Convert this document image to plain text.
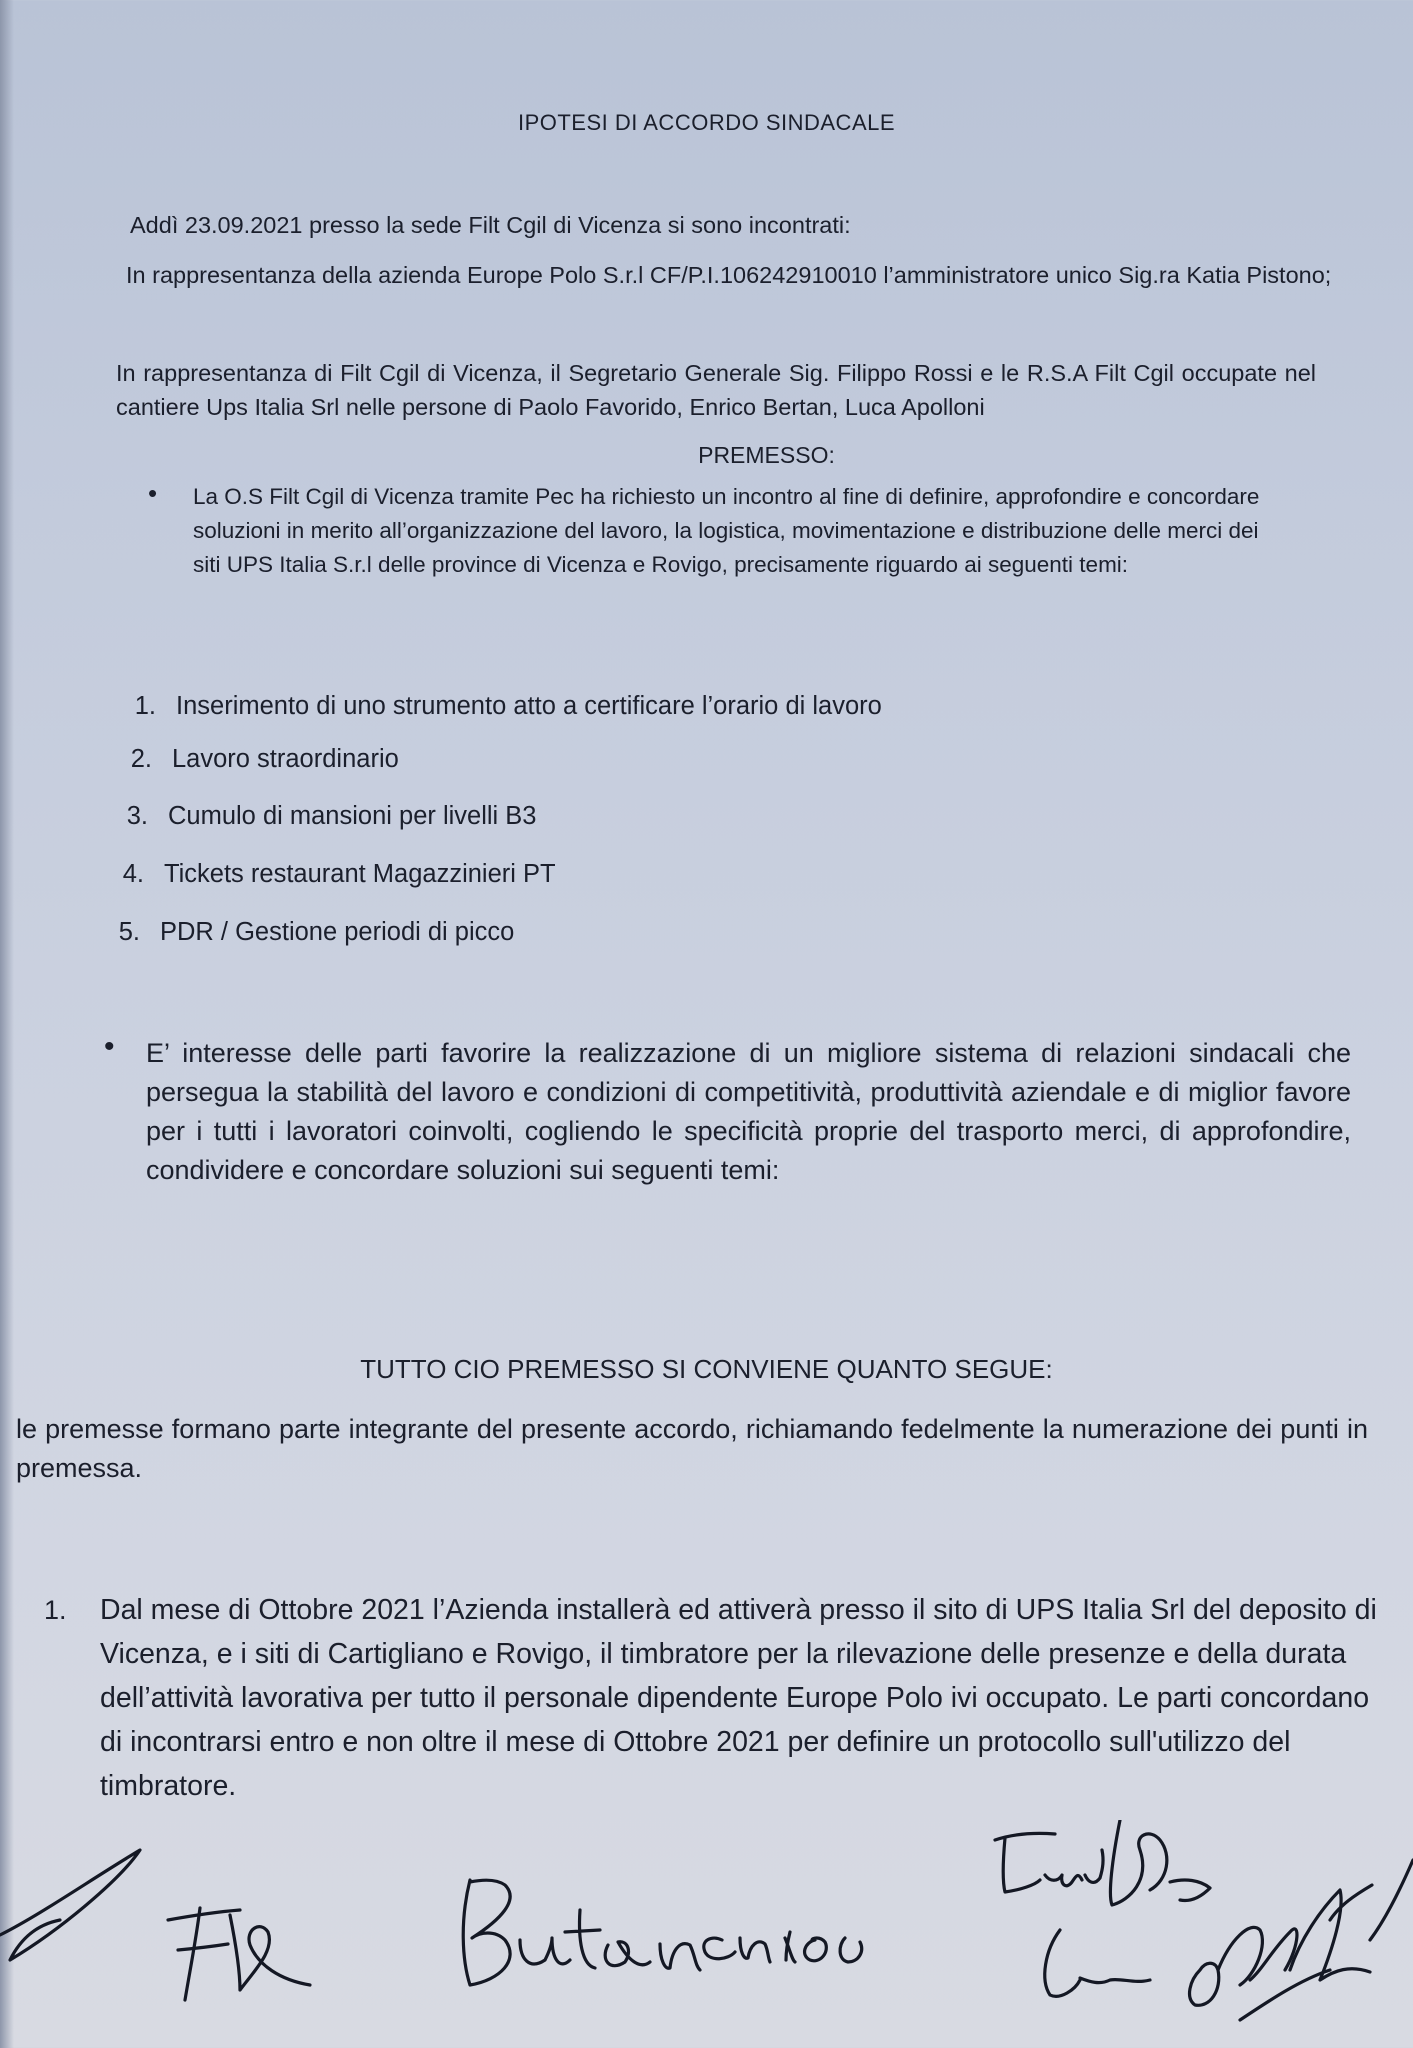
IPOTESI DI ACCORDO SINDACALE

Addì 23.09.2021 presso la sede Filt Cgil di Vicenza si sono incontrati:

In rappresentanza della azienda Europe Polo S.r.l CF/P.I.106242910010 l’amministratore unico Sig.ra Katia Pistono;

In rappresentanza di Filt Cgil di Vicenza, il Segretario Generale Sig. Filippo Rossi e le R.S.A Filt Cgil occupate nel cantiere Ups Italia Srl nelle persone di Paolo Favorido, Enrico Bertan, Luca Apolloni

PREMESSO:
• La O.S Filt Cgil di Vicenza tramite Pec ha richiesto un incontro al fine di definire, approfondire e concordare soluzioni in merito all’organizzazione del lavoro, la logistica, movimentazione e distribuzione delle merci dei siti UPS Italia S.r.l delle province di Vicenza e Rovigo, precisamente riguardo ai seguenti temi:
1. Inserimento di uno strumento atto a certificare l’orario di lavoro
2. Lavoro straordinario
3. Cumulo di mansioni per livelli B3
4. Tickets restaurant Magazzinieri PT
5. PDR / Gestione periodi di picco
• E’ interesse delle parti favorire la realizzazione di un migliore sistema di relazioni sindacali che persegua la stabilità del lavoro e condizioni di competitività, produttività aziendale e di miglior favore per i tutti i lavoratori coinvolti, cogliendo le specificità proprie del trasporto merci, di approfondire, condividere e concordare soluzioni sui seguenti temi:
TUTTO CIO PREMESSO SI CONVIENE QUANTO SEGUE:
le premesse formano parte integrante del presente accordo, richiamando fedelmente la numerazione dei punti in premessa.
1. Dal mese di Ottobre 2021 l’Azienda installerà ed attiverà presso il sito di UPS Italia Srl del deposito di Vicenza, e i siti di Cartigliano e Rovigo, il timbratore per la rilevazione delle presenze e della durata dell’attività lavorativa per tutto il personale dipendente Europe Polo ivi occupato. Le parti concordano di incontrarsi entro e non oltre il mese di Ottobre 2021 per definire un protocollo sull'utilizzo del timbratore.
